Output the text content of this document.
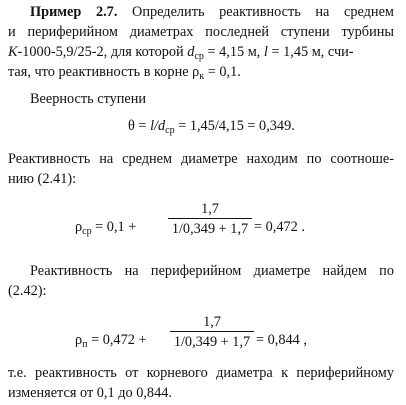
Пример 2.7. Определить реактивность на среднем
и периферийном диаметрах последней ступени турбины
К-1000-5,9/25-2, для которой $d_{ср} = 4,15$ м, l = 1,45 м, счи-
тая, что реактивность в корне $\rho_к = 0,1$.
Веерность ступени
$\theta = l/d_{ср} = 1,45/4,15 = 0,349$.
Реактивность на среднем диаметре находим по соотноше-
нию (2.41):
$\rho_{ср} = 0,1$ +
1,7
1/0,349 + 1,7 = 0,472 .
Реактивность на периферийном диаметре найдем по
(2.42):
$\rho_п = 0,472$ +
1,7
1/0,349 + 1,7 = 0,844 ,
т.е. реактивность от корневого диаметра к периферийному
изменяется от 0,1 до 0,844.
